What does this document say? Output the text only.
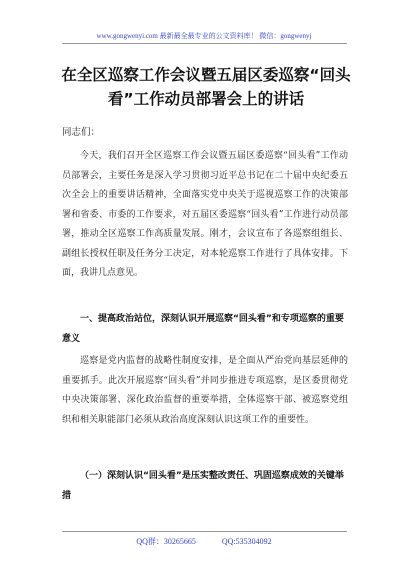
www.gongwenyi.com 最新最全最专业的公文资料库！ 微信：gongwenyj
在全区巡察工作会议暨五届区委巡察“回头看”工作动员部署会上的讲话
同志们：
今天，我们召开全区巡察工作会议暨五届区委巡察“回头看”工作动员部署会，主要任务是深入学习贯彻习近平总书记在二十届中央纪委五次全会上的重要讲话精神，全面落实党中央关于巡视巡察工作的决策部署和省委、市委的工作要求，对五届区委巡察“回头看”工作进行动员部署，推动全区巡察工作高质量发展。刚才，会议宣布了各巡察组组长、副组长授权任职及任务分工决定，对本轮巡察工作进行了具体安排。下面，我讲几点意见。
一、提高政治站位，深刻认识开展巡察“回头看”和专项巡察的重要意义
巡察是党内监督的战略性制度安排，是全面从严治党向基层延伸的重要抓手。此次开展巡察“回头看”并同步推进专项巡察，是区委贯彻党中央决策部署、深化政治监督的重要举措，全体巡察干部、被巡察党组织和相关职能部门必须从政治高度深刻认识这项工作的重要性。
（一）深刻认识“回头看”是压实整改责任、巩固巡察成效的关键举措
QQ群：30265665	QQ:535304092
